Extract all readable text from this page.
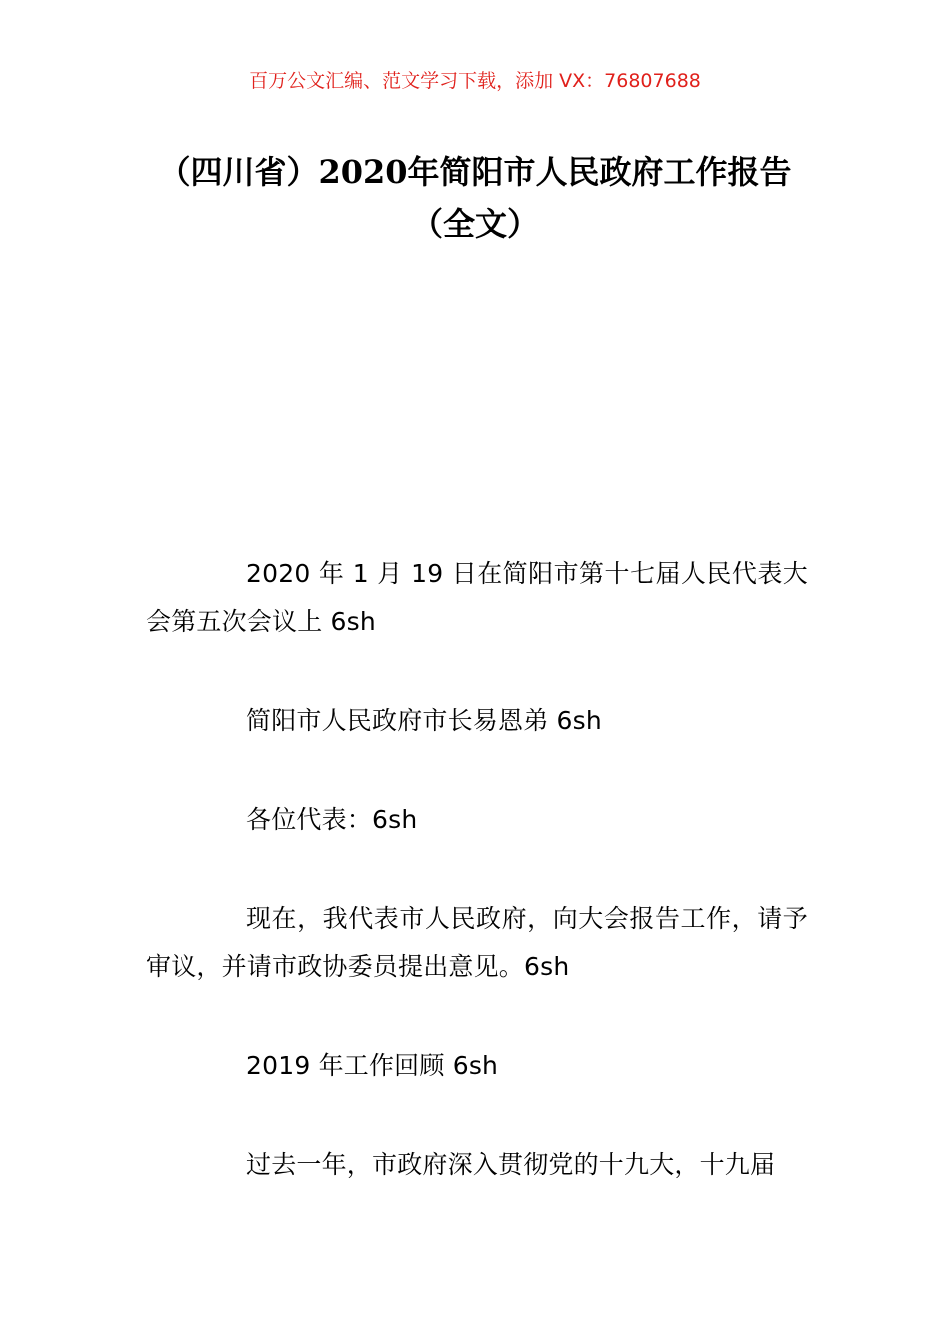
百万公文汇编、范文学习下载，添加 VX：76807688
（四川省）2020年简阳市人民政府工作报告（全文）

2020 年 1 月 19 日在简阳市第十七届人民代表大会第五次会议上 6sh

简阳市人民政府市长易恩弟 6sh

各位代表：6sh

现在，我代表市人民政府，向大会报告工作，请予审议，并请市政协委员提出意见。6sh

2019 年工作回顾 6sh

过去一年，市政府深入贯彻党的十九大，十九届
